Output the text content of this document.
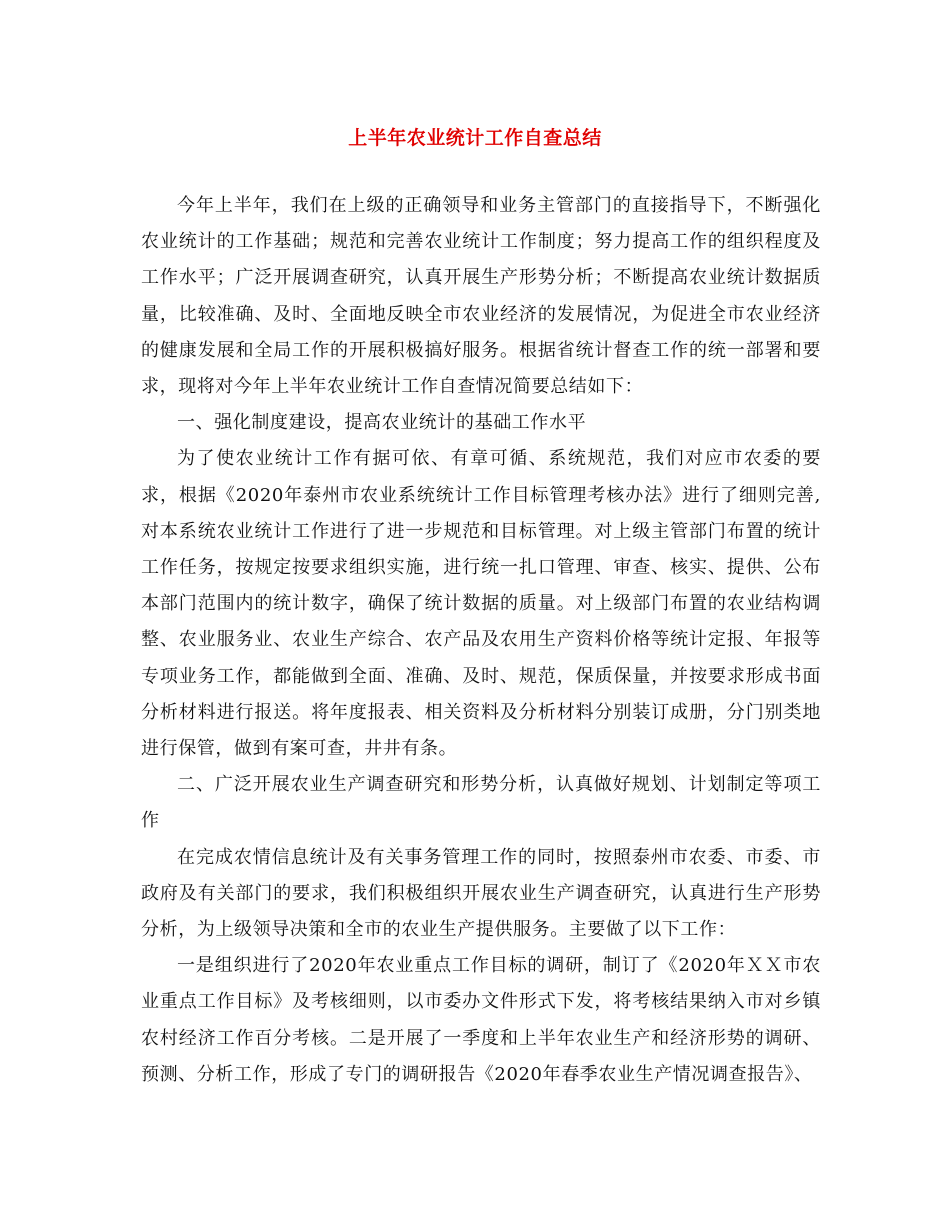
上半年农业统计工作自查总结

今年上半年，我们在上级的正确领导和业务主管部门的直接指导下，不断强化农业统计的工作基础；规范和完善农业统计工作制度；努力提高工作的组织程度及工作水平；广泛开展调查研究，认真开展生产形势分析；不断提高农业统计数据质量，比较准确、及时、全面地反映全市农业经济的发展情况，为促进全市农业经济的健康发展和全局工作的开展积极搞好服务。根据省统计督查工作的统一部署和要求，现将对今年上半年农业统计工作自查情况简要总结如下：

一、强化制度建设，提高农业统计的基础工作水平

为了使农业统计工作有据可依、有章可循、系统规范，我们对应市农委的要求，根据《2020年泰州市农业系统统计工作目标管理考核办法》进行了细则完善,对本系统农业统计工作进行了进一步规范和目标管理。对上级主管部门布置的统计工作任务，按规定按要求组织实施，进行统一扎口管理、审查、核实、提供、公布本部门范围内的统计数字，确保了统计数据的质量。对上级部门布置的农业结构调整、农业服务业、农业生产综合、农产品及农用生产资料价格等统计定报、年报等专项业务工作，都能做到全面、准确、及时、规范，保质保量，并按要求形成书面分析材料进行报送。将年度报表、相关资料及分析材料分别装订成册，分门别类地进行保管，做到有案可查，井井有条。

二、广泛开展农业生产调查研究和形势分析，认真做好规划、计划制定等项工作

在完成农情信息统计及有关事务管理工作的同时，按照泰州市农委、市委、市政府及有关部门的要求，我们积极组织开展农业生产调查研究，认真进行生产形势分析，为上级领导决策和全市的农业生产提供服务。主要做了以下工作：

一是组织进行了2020年农业重点工作目标的调研，制订了《2020年ＸＸ市农业重点工作目标》及考核细则，以市委办文件形式下发，将考核结果纳入市对乡镇农村经济工作百分考核。二是开展了一季度和上半年农业生产和经济形势的调研、预测、分析工作，形成了专门的调研报告《2020年春季农业生产情况调查报告》、
